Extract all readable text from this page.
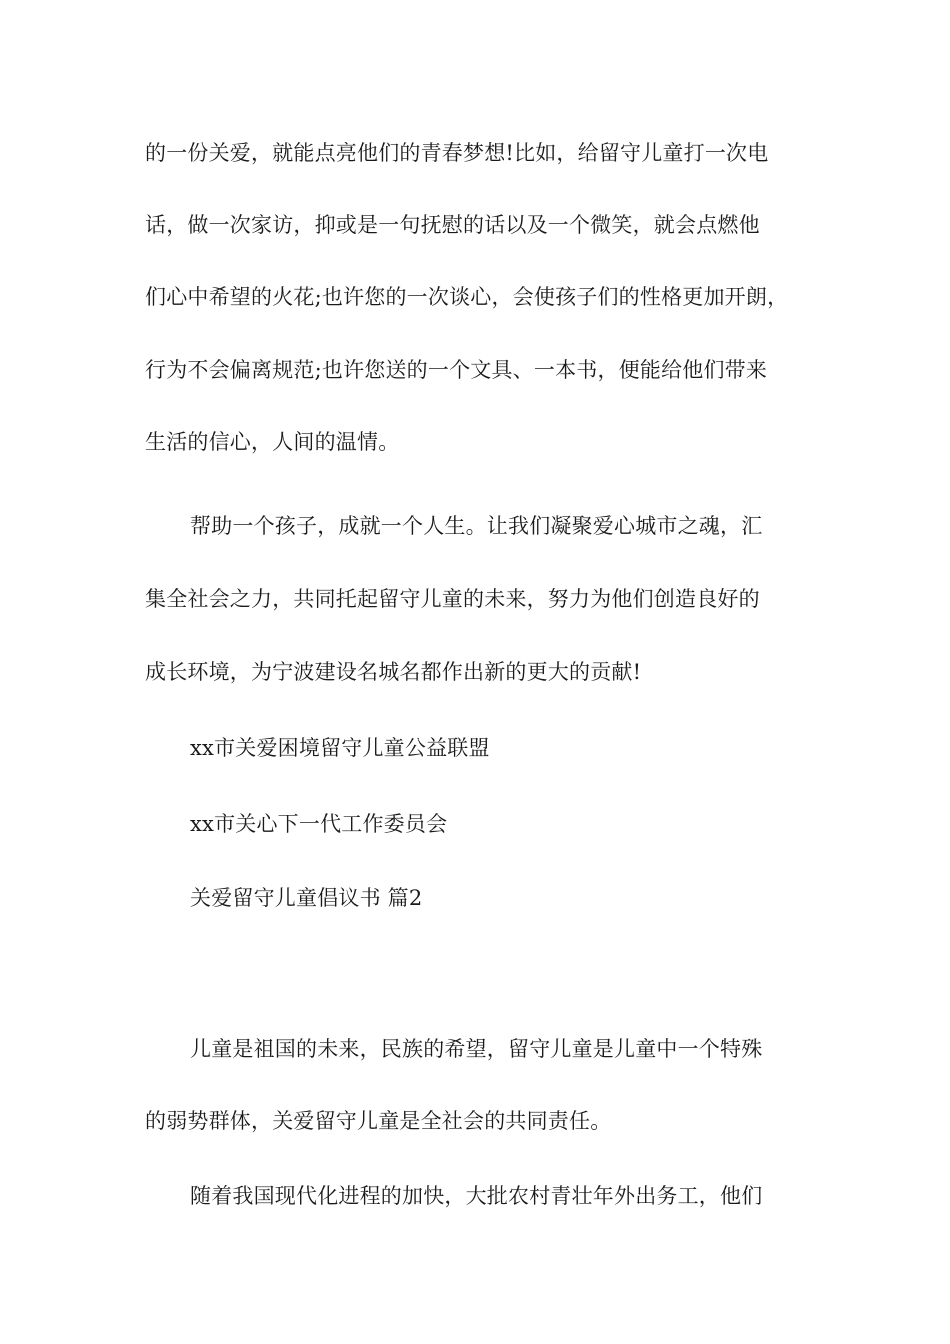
的一份关爱，就能点亮他们的青春梦想!比如，给留守儿童打一次电
话，做一次家访，抑或是一句抚慰的话以及一个微笑，就会点燃他
们心中希望的火花;也许您的一次谈心，会使孩子们的性格更加开朗，
行为不会偏离规范;也许您送的一个文具、一本书，便能给他们带来
生活的信心，人间的温情。
帮助一个孩子，成就一个人生。让我们凝聚爱心城市之魂，汇
集全社会之力，共同托起留守儿童的未来，努力为他们创造良好的
成长环境，为宁波建设名城名都作出新的更大的贡献!
xx市关爱困境留守儿童公益联盟
xx市关心下一代工作委员会
关爱留守儿童倡议书 篇2
儿童是祖国的未来，民族的希望，留守儿童是儿童中一个特殊
的弱势群体，关爱留守儿童是全社会的共同责任。
随着我国现代化进程的加快，大批农村青壮年外出务工，他们
